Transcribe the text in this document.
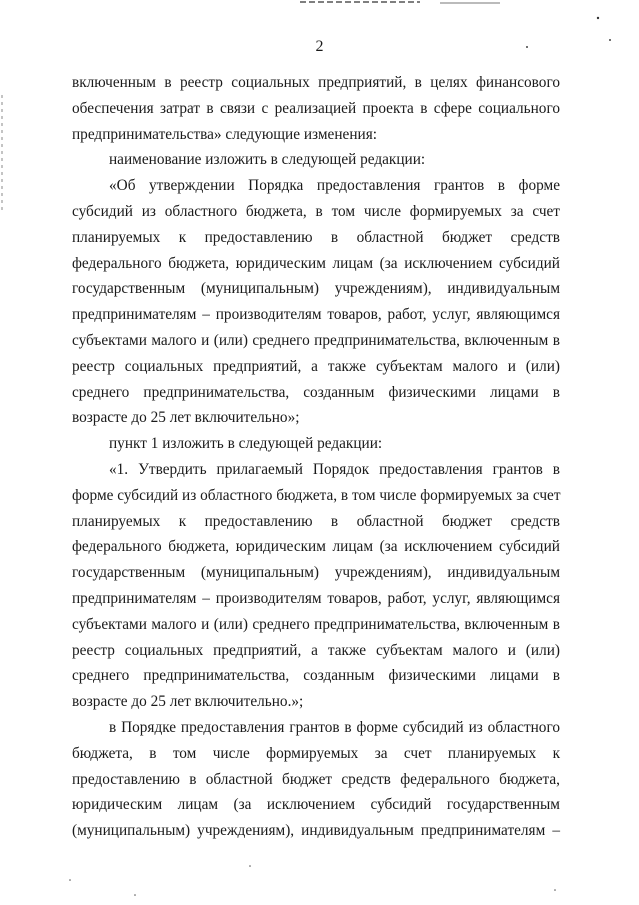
2
включенным в реестр социальных предприятий, в целях финансового
обеспечения затрат в связи с реализацией проекта в сфере социального
предпринимательства» следующие изменения:
наименование изложить в следующей редакции:
«Об утверждении Порядка предоставления грантов в форме
субсидий из областного бюджета, в том числе формируемых за счет
планируемых к предоставлению в областной бюджет средств
федерального бюджета, юридическим лицам (за исключением субсидий
государственным (муниципальным) учреждениям), индивидуальным
предпринимателям – производителям товаров, работ, услуг, являющимся
субъектами малого и (или) среднего предпринимательства, включенным в
реестр социальных предприятий, а также субъектам малого и (или)
среднего предпринимательства, созданным физическими лицами в
возрасте до 25 лет включительно»;
пункт 1 изложить в следующей редакции:
«1. Утвердить прилагаемый Порядок предоставления грантов в
форме субсидий из областного бюджета, в том числе формируемых за счет
планируемых к предоставлению в областной бюджет средств
федерального бюджета, юридическим лицам (за исключением субсидий
государственным (муниципальным) учреждениям), индивидуальным
предпринимателям – производителям товаров, работ, услуг, являющимся
субъектами малого и (или) среднего предпринимательства, включенным в
реестр социальных предприятий, а также субъектам малого и (или)
среднего предпринимательства, созданным физическими лицами в
возрасте до 25 лет включительно.»;
в Порядке предоставления грантов в форме субсидий из областного
бюджета, в том числе формируемых за счет планируемых к
предоставлению в областной бюджет средств федерального бюджета,
юридическим лицам (за исключением субсидий государственным
(муниципальным) учреждениям), индивидуальным предпринимателям –
